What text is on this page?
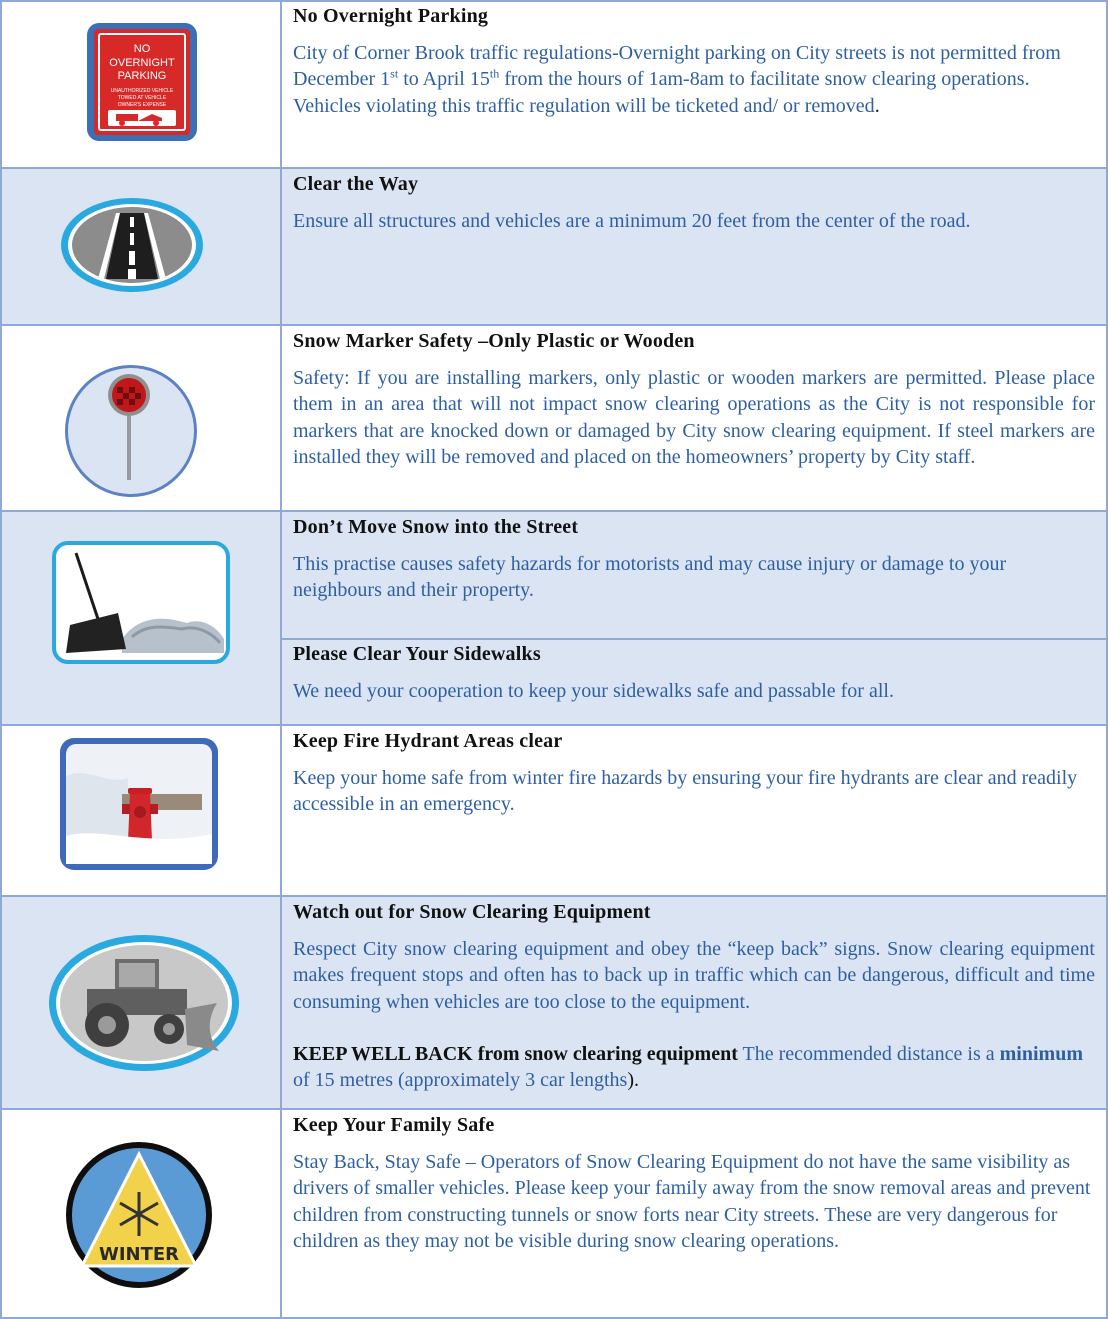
NO
OVERNIGHT
PARKING
UNAUTHORIZED VEHICLE
TOWED AT VEHICLE
OWNER'S EXPENSE
No Overnight Parking
City of Corner Brook traffic regulations-Overnight parking on City streets is not permitted from December 1st to April 15th from the hours of 1am-8am to facilitate snow clearing operations. Vehicles violating this traffic regulation will be ticketed and/ or removed.
Clear the Way
Ensure all structures and vehicles are a minimum 20 feet from the center of the road.
Snow Marker Safety –Only Plastic or Wooden
Safety: If you are installing markers, only plastic or wooden markers are permitted. Please place them in an area that will not impact snow clearing operations as the City is not responsible for markers that are knocked down or damaged by City snow clearing equipment. If steel markers are installed they will be removed and placed on the homeowners’ property by City staff.
Don’t Move Snow into the Street
This practise causes safety hazards for motorists and may cause injury or damage to your neighbours and their property.
Please Clear Your Sidewalks
We need your cooperation to keep your sidewalks safe and passable for all.
Keep Fire Hydrant Areas clear
Keep your home safe from winter fire hazards by ensuring your fire hydrants are clear and readily accessible in an emergency.
Watch out for Snow Clearing Equipment
Respect City snow clearing equipment and obey the “keep back” signs. Snow clearing equipment makes frequent stops and often has to back up in traffic which can be dangerous, difficult and time consuming when vehicles are too close to the equipment.
KEEP WELL BACK from snow clearing equipment The recommended distance is a minimum of 15 metres (approximately 3 car lengths).
WINTER
Keep Your Family Safe
Stay Back, Stay Safe – Operators of Snow Clearing Equipment do not have the same visibility as drivers of smaller vehicles. Please keep your family away from the snow removal areas and prevent children from constructing tunnels or snow forts near City streets. These are very dangerous for children as they may not be visible during snow clearing operations.
